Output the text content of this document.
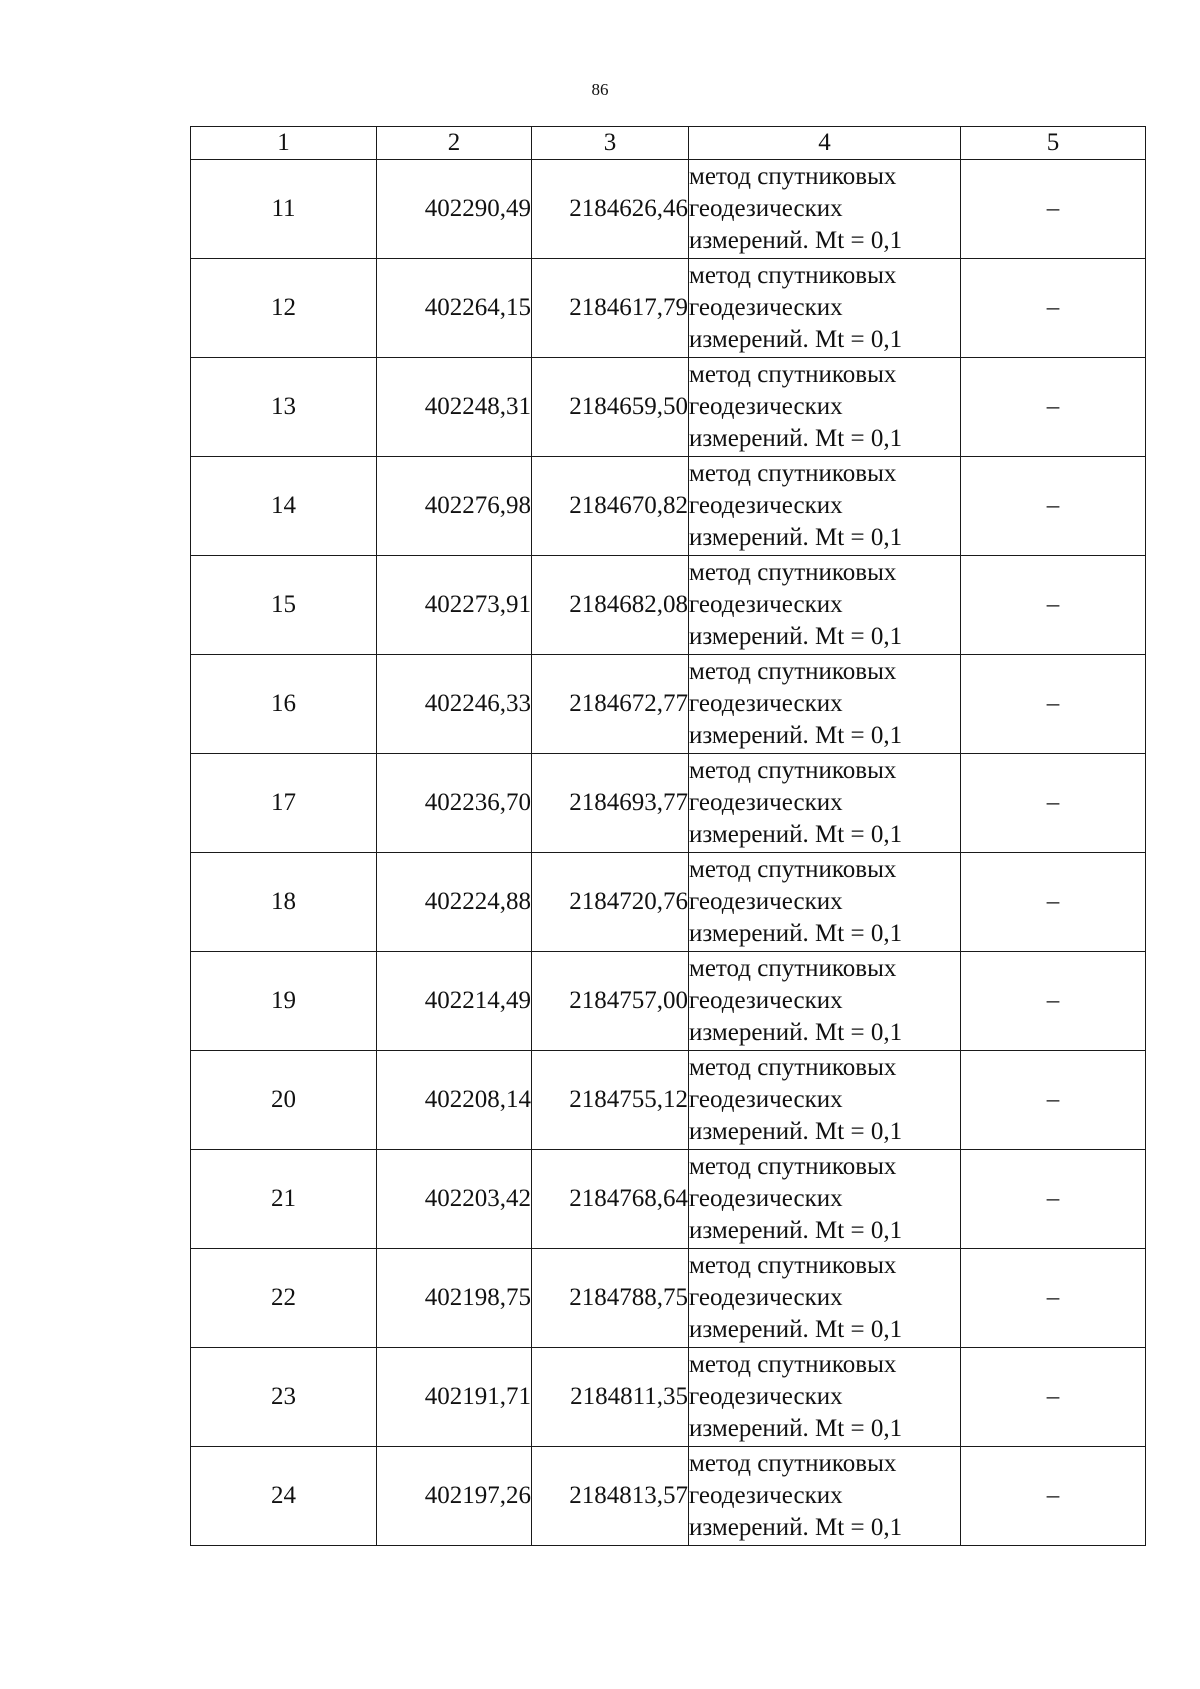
86
1	2	3	4	5
11	402290,49	2184626,46	метод спутниковых
геодезических
измерений. Mt = 0,1	–
12	402264,15	2184617,79	метод спутниковых
геодезических
измерений. Mt = 0,1	–
13	402248,31	2184659,50	метод спутниковых
геодезических
измерений. Mt = 0,1	–
14	402276,98	2184670,82	метод спутниковых
геодезических
измерений. Mt = 0,1	–
15	402273,91	2184682,08	метод спутниковых
геодезических
измерений. Mt = 0,1	–
16	402246,33	2184672,77	метод спутниковых
геодезических
измерений. Mt = 0,1	–
17	402236,70	2184693,77	метод спутниковых
геодезических
измерений. Mt = 0,1	–
18	402224,88	2184720,76	метод спутниковых
геодезических
измерений. Mt = 0,1	–
19	402214,49	2184757,00	метод спутниковых
геодезических
измерений. Mt = 0,1	–
20	402208,14	2184755,12	метод спутниковых
геодезических
измерений. Mt = 0,1	–
21	402203,42	2184768,64	метод спутниковых
геодезических
измерений. Mt = 0,1	–
22	402198,75	2184788,75	метод спутниковых
геодезических
измерений. Mt = 0,1	–
23	402191,71	2184811,35	метод спутниковых
геодезических
измерений. Mt = 0,1	–
24	402197,26	2184813,57	метод спутниковых
геодезических
измерений. Mt = 0,1	–
